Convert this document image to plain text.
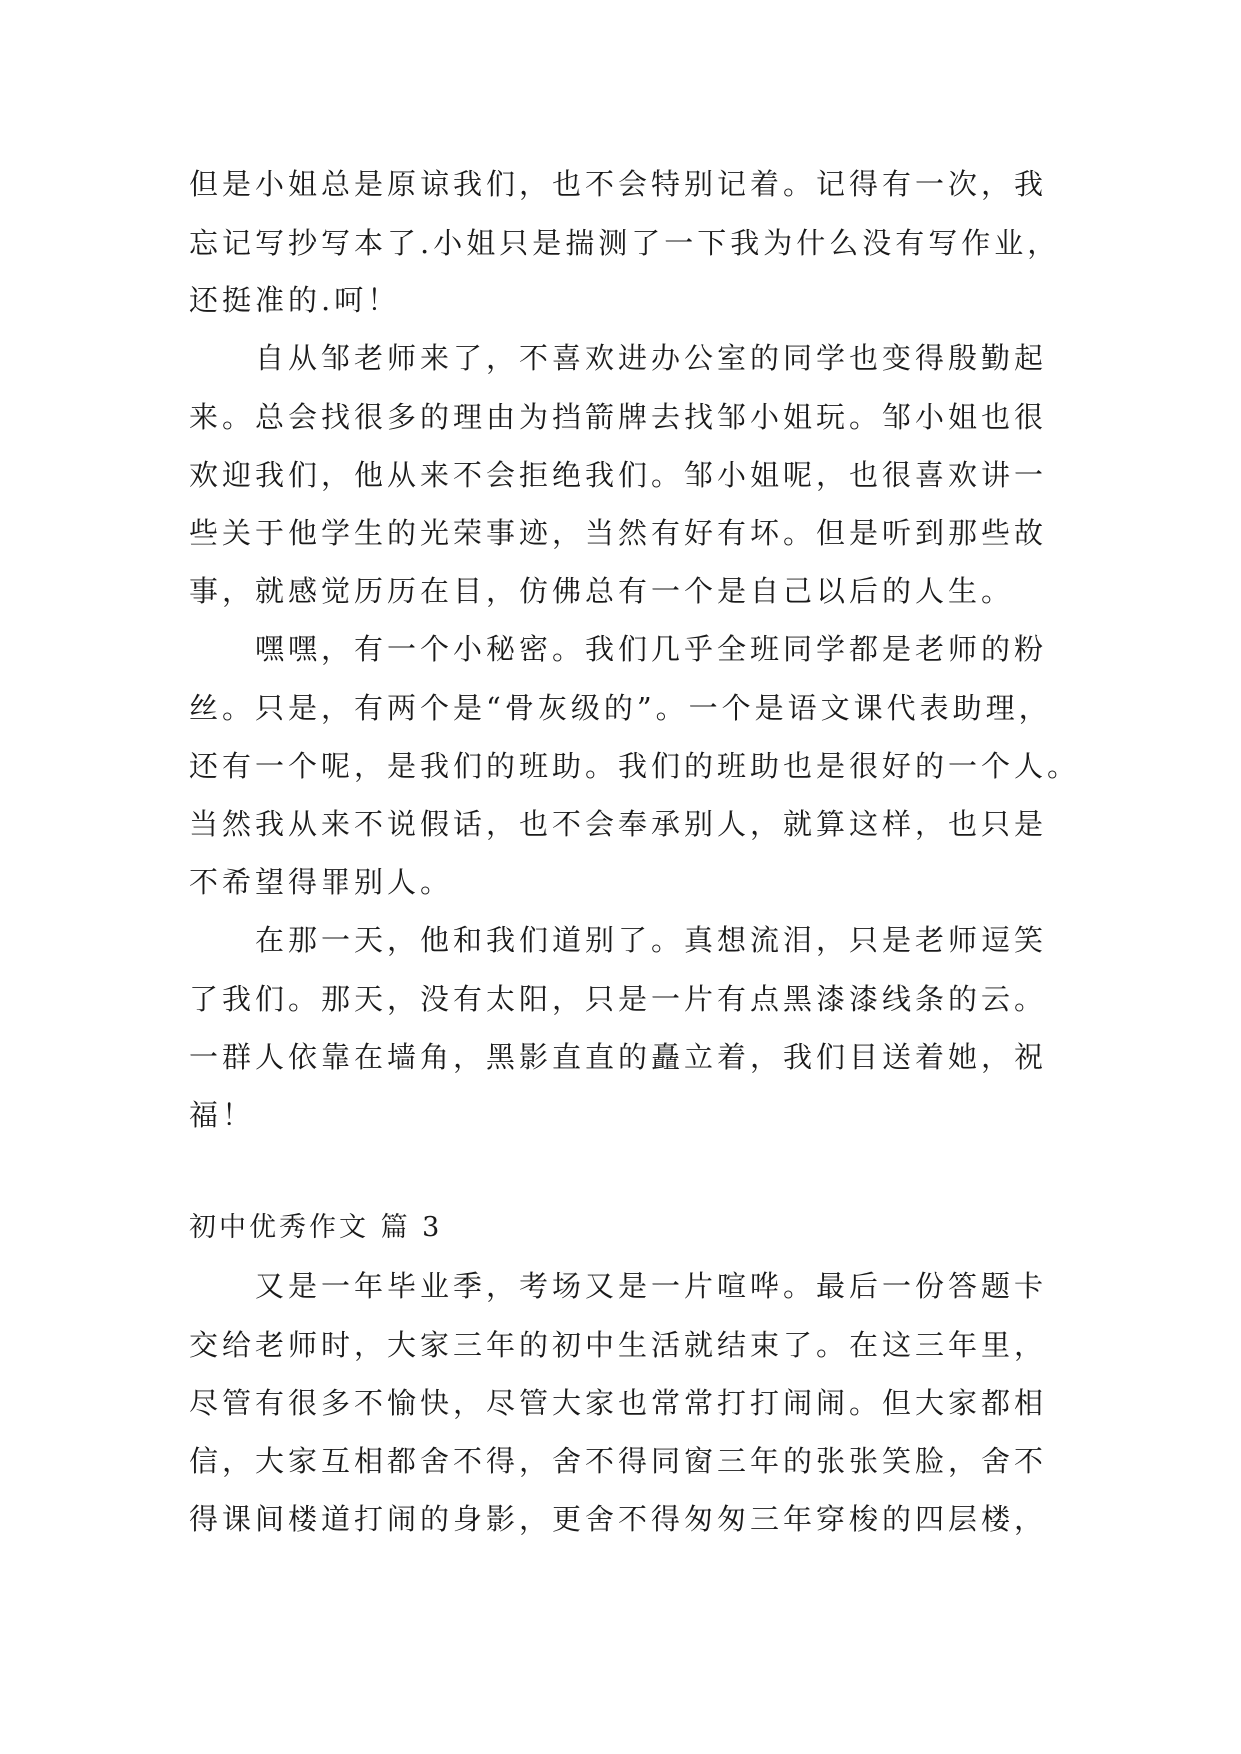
但是小姐总是原谅我们，也不会特别记着。记得有一次，我
忘记写抄写本了.小姐只是揣测了一下我为什么没有写作业，
还挺准的.呵！
　　自从邹老师来了，不喜欢进办公室的同学也变得殷勤起
来。总会找很多的理由为挡箭牌去找邹小姐玩。邹小姐也很
欢迎我们，他从来不会拒绝我们。邹小姐呢，也很喜欢讲一
些关于他学生的光荣事迹，当然有好有坏。但是听到那些故
事，就感觉历历在目，仿佛总有一个是自己以后的人生。
　　嘿嘿，有一个小秘密。我们几乎全班同学都是老师的粉
丝。只是，有两个是“骨灰级的”。一个是语文课代表助理，
还有一个呢，是我们的班助。我们的班助也是很好的一个人。
当然我从来不说假话，也不会奉承别人，就算这样，也只是
不希望得罪别人。
　　在那一天，他和我们道别了。真想流泪，只是老师逗笑
了我们。那天，没有太阳，只是一片有点黑漆漆线条的云。
一群人依靠在墙角，黑影直直的矗立着，我们目送着她，祝
福！
初中优秀作文 篇 3
　　又是一年毕业季，考场又是一片喧哗。最后一份答题卡
交给老师时，大家三年的初中生活就结束了。在这三年里，
尽管有很多不愉快，尽管大家也常常打打闹闹。但大家都相
信，大家互相都舍不得，舍不得同窗三年的张张笑脸，舍不
得课间楼道打闹的身影，更舍不得匆匆三年穿梭的四层楼，
